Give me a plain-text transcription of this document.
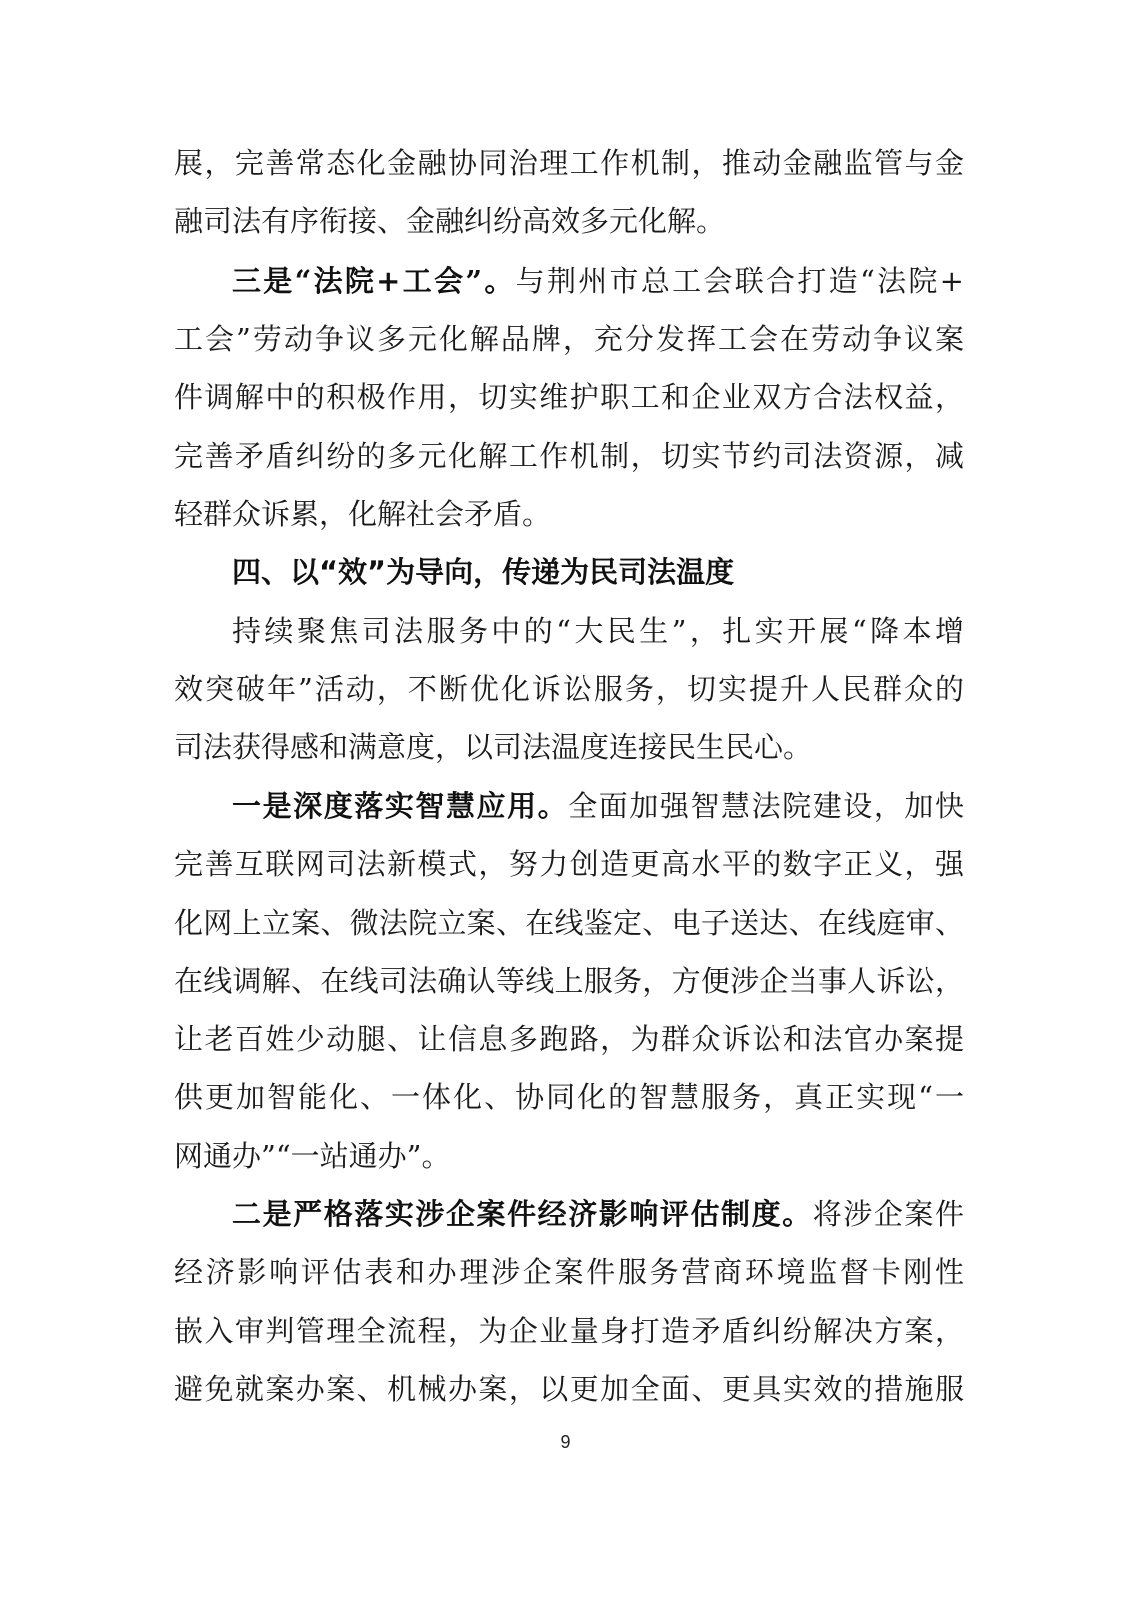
展，完善常态化金融协同治理工作机制，推动金融监管与金
融司法有序衔接、金融纠纷高效多元化解。
三是“法院+工会”。与荆州市总工会联合打造“法院+
工会”劳动争议多元化解品牌，充分发挥工会在劳动争议案
件调解中的积极作用，切实维护职工和企业双方合法权益，
完善矛盾纠纷的多元化解工作机制，切实节约司法资源，减
轻群众诉累，化解社会矛盾。
四、以“效”为导向，传递为民司法温度
持续聚焦司法服务中的“大民生”，扎实开展“降本增
效突破年”活动，不断优化诉讼服务，切实提升人民群众的
司法获得感和满意度，以司法温度连接民生民心。
一是深度落实智慧应用。全面加强智慧法院建设，加快
完善互联网司法新模式，努力创造更高水平的数字正义，强
化网上立案、微法院立案、在线鉴定、电子送达、在线庭审、
在线调解、在线司法确认等线上服务，方便涉企当事人诉讼，
让老百姓少动腿、让信息多跑路，为群众诉讼和法官办案提
供更加智能化、一体化、协同化的智慧服务，真正实现“一
网通办”“一站通办”。
二是严格落实涉企案件经济影响评估制度。将涉企案件
经济影响评估表和办理涉企案件服务营商环境监督卡刚性
嵌入审判管理全流程，为企业量身打造矛盾纠纷解决方案，
避免就案办案、机械办案，以更加全面、更具实效的措施服
9
